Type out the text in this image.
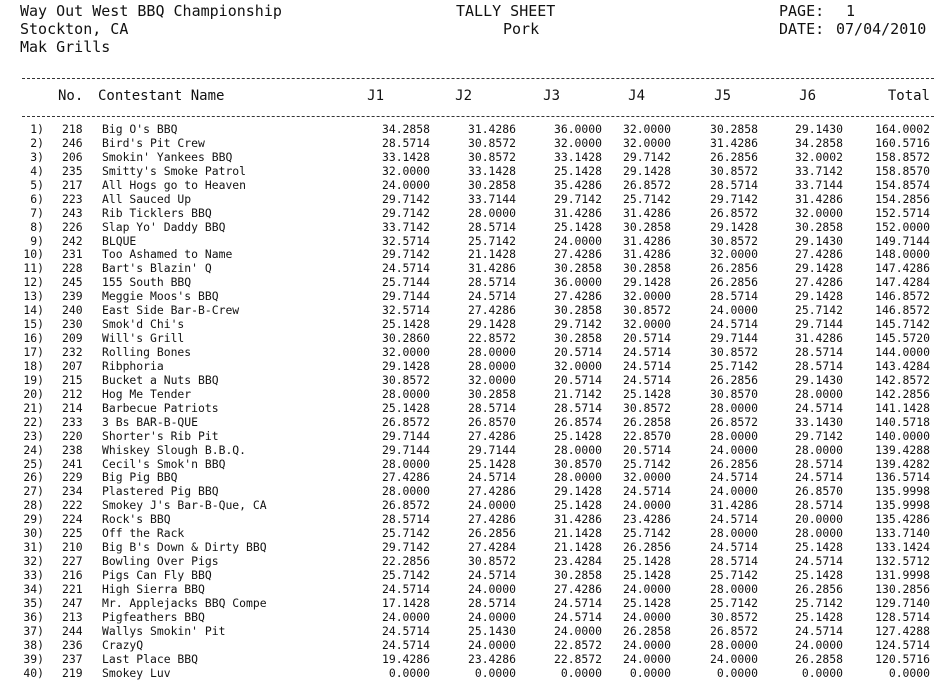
Way Out West BBQ Championship
Stockton, CA
Mak Grills
TALLY SHEET
Pork
PAGE: 1
DATE: 07/04/2010
No. Contestant Name	J1	J2	J3	J4	J5	J6	Total
1) 218 Big O's BBQ	34.2858	31.4286	36.0000 32.0000	30.2858	29.1430	164.0002
2) 246 Bird's Pit Crew	28.5714	30.8572	32.0000 32.0000	31.4286	34.2858	160.5716
3) 206 Smokin' Yankees BBQ	33.1428	30.8572	33.1428 29.7142	26.2856	32.0002	158.8572
4) 235 Smitty's Smoke Patrol	32.0000	33.1428	25.1428 29.1428	30.8572	33.7142	158.8570
5) 217 All Hogs go to Heaven	24.0000	30.2858	35.4286 26.8572	28.5714	33.7144	154.8574
6) 223 All Sauced Up	29.7142	33.7144	29.7142 25.7142	29.7142	31.4286	154.2856
7) 243 Rib Ticklers BBQ	29.7142	28.0000	31.4286 31.4286	26.8572	32.0000	152.5714
8) 226 Slap Yo' Daddy BBQ	33.7142	28.5714	25.1428 30.2858	29.1428	30.2858	152.0000
9) 242 BLQUE	32.5714	25.7142	24.0000 31.4286	30.8572	29.1430	149.7144
10) 231 Too Ashamed to Name	29.7142	21.1428	27.4286 31.4286	32.0000	27.4286	148.0000
11) 228 Bart's Blazin' Q	24.5714	31.4286	30.2858 30.2858	26.2856	29.1428	147.4286
12) 245 155 South BBQ	25.7144	28.5714	36.0000 29.1428	26.2856	27.4286	147.4284
13) 239 Meggie Moos's BBQ	29.7144	24.5714	27.4286 32.0000	28.5714	29.1428	146.8572
14) 240 East Side Bar-B-Crew	32.5714	27.4286	30.2858 30.8572	24.0000	25.7142	146.8572
15) 230 Smok'd Chi's	25.1428	29.1428	29.7142 32.0000	24.5714	29.7144	145.7142
16) 209 Will's Grill	30.2860	22.8572	30.2858 20.5714	29.7144	31.4286	145.5720
17) 232 Rolling Bones	32.0000	28.0000	20.5714 24.5714	30.8572	28.5714	144.0000
18) 207 Ribphoria	29.1428	28.0000	32.0000 24.5714	25.7142	28.5714	143.4284
19) 215 Bucket a Nuts BBQ	30.8572	32.0000	20.5714 24.5714	26.2856	29.1430	142.8572
20) 212 Hog Me Tender	28.0000	30.2858	21.7142 25.1428	30.8570	28.0000	142.2856
21) 214 Barbecue Patriots	25.1428	28.5714	28.5714 30.8572	28.0000	24.5714	141.1428
22) 233 3 Bs BAR-B-QUE	26.8572	26.8570	26.8574 26.2858	26.8572	33.1430	140.5718
23) 220 Shorter's Rib Pit	29.7144	27.4286	25.1428 22.8570	28.0000	29.7142	140.0000
24) 238 Whiskey Slough B.B.Q.	29.7144	29.7144	28.0000 20.5714	24.0000	28.0000	139.4288
25) 241 Cecil's Smok'n BBQ	28.0000	25.1428	30.8570 25.7142	26.2856	28.5714	139.4282
26) 229 Big Pig BBQ	27.4286	24.5714	28.0000 32.0000	24.5714	24.5714	136.5714
27) 234 Plastered Pig BBQ	28.0000	27.4286	29.1428 24.5714	24.0000	26.8570	135.9998
28) 222 Smokey J's Bar-B-Que, CA	26.8572	24.0000	25.1428 24.0000	31.4286	28.5714	135.9998
29) 224 Rock's BBQ	28.5714	27.4286	31.4286 23.4286	24.5714	20.0000	135.4286
30) 225 Off the Rack	25.7142	26.2856	21.1428 25.7142	28.0000	28.0000	133.7140
31) 210 Big B's Down & Dirty BBQ	29.7142	27.4284	21.1428 26.2856	24.5714	25.1428	133.1424
32) 227 Bowling Over Pigs	22.2856	30.8572	23.4284 25.1428	28.5714	24.5714	132.5712
33) 216 Pigs Can Fly BBQ	25.7142	24.5714	30.2858 25.1428	25.7142	25.1428	131.9998
34) 221 High Sierra BBQ	24.5714	24.0000	27.4286 24.0000	28.0000	26.2856	130.2856
35) 247 Mr. Applejacks BBQ Compe	17.1428	28.5714	24.5714 25.1428	25.7142	25.7142	129.7140
36) 213 Pigfeathers BBQ	24.0000	24.0000	24.5714 24.0000	30.8572	25.1428	128.5714
37) 244 Wallys Smokin' Pit	24.5714	25.1430	24.0000 26.2858	26.8572	24.5714	127.4288
38) 236 CrazyQ	24.5714	24.0000	22.8572 24.0000	28.0000	24.0000	124.5714
39) 237 Last Place BBQ	19.4286	23.4286	22.8572 24.0000	24.0000	26.2858	120.5716
40) 219 Smokey Luv	0.0000	0.0000	0.0000 0.0000	0.0000	0.0000	0.0000
